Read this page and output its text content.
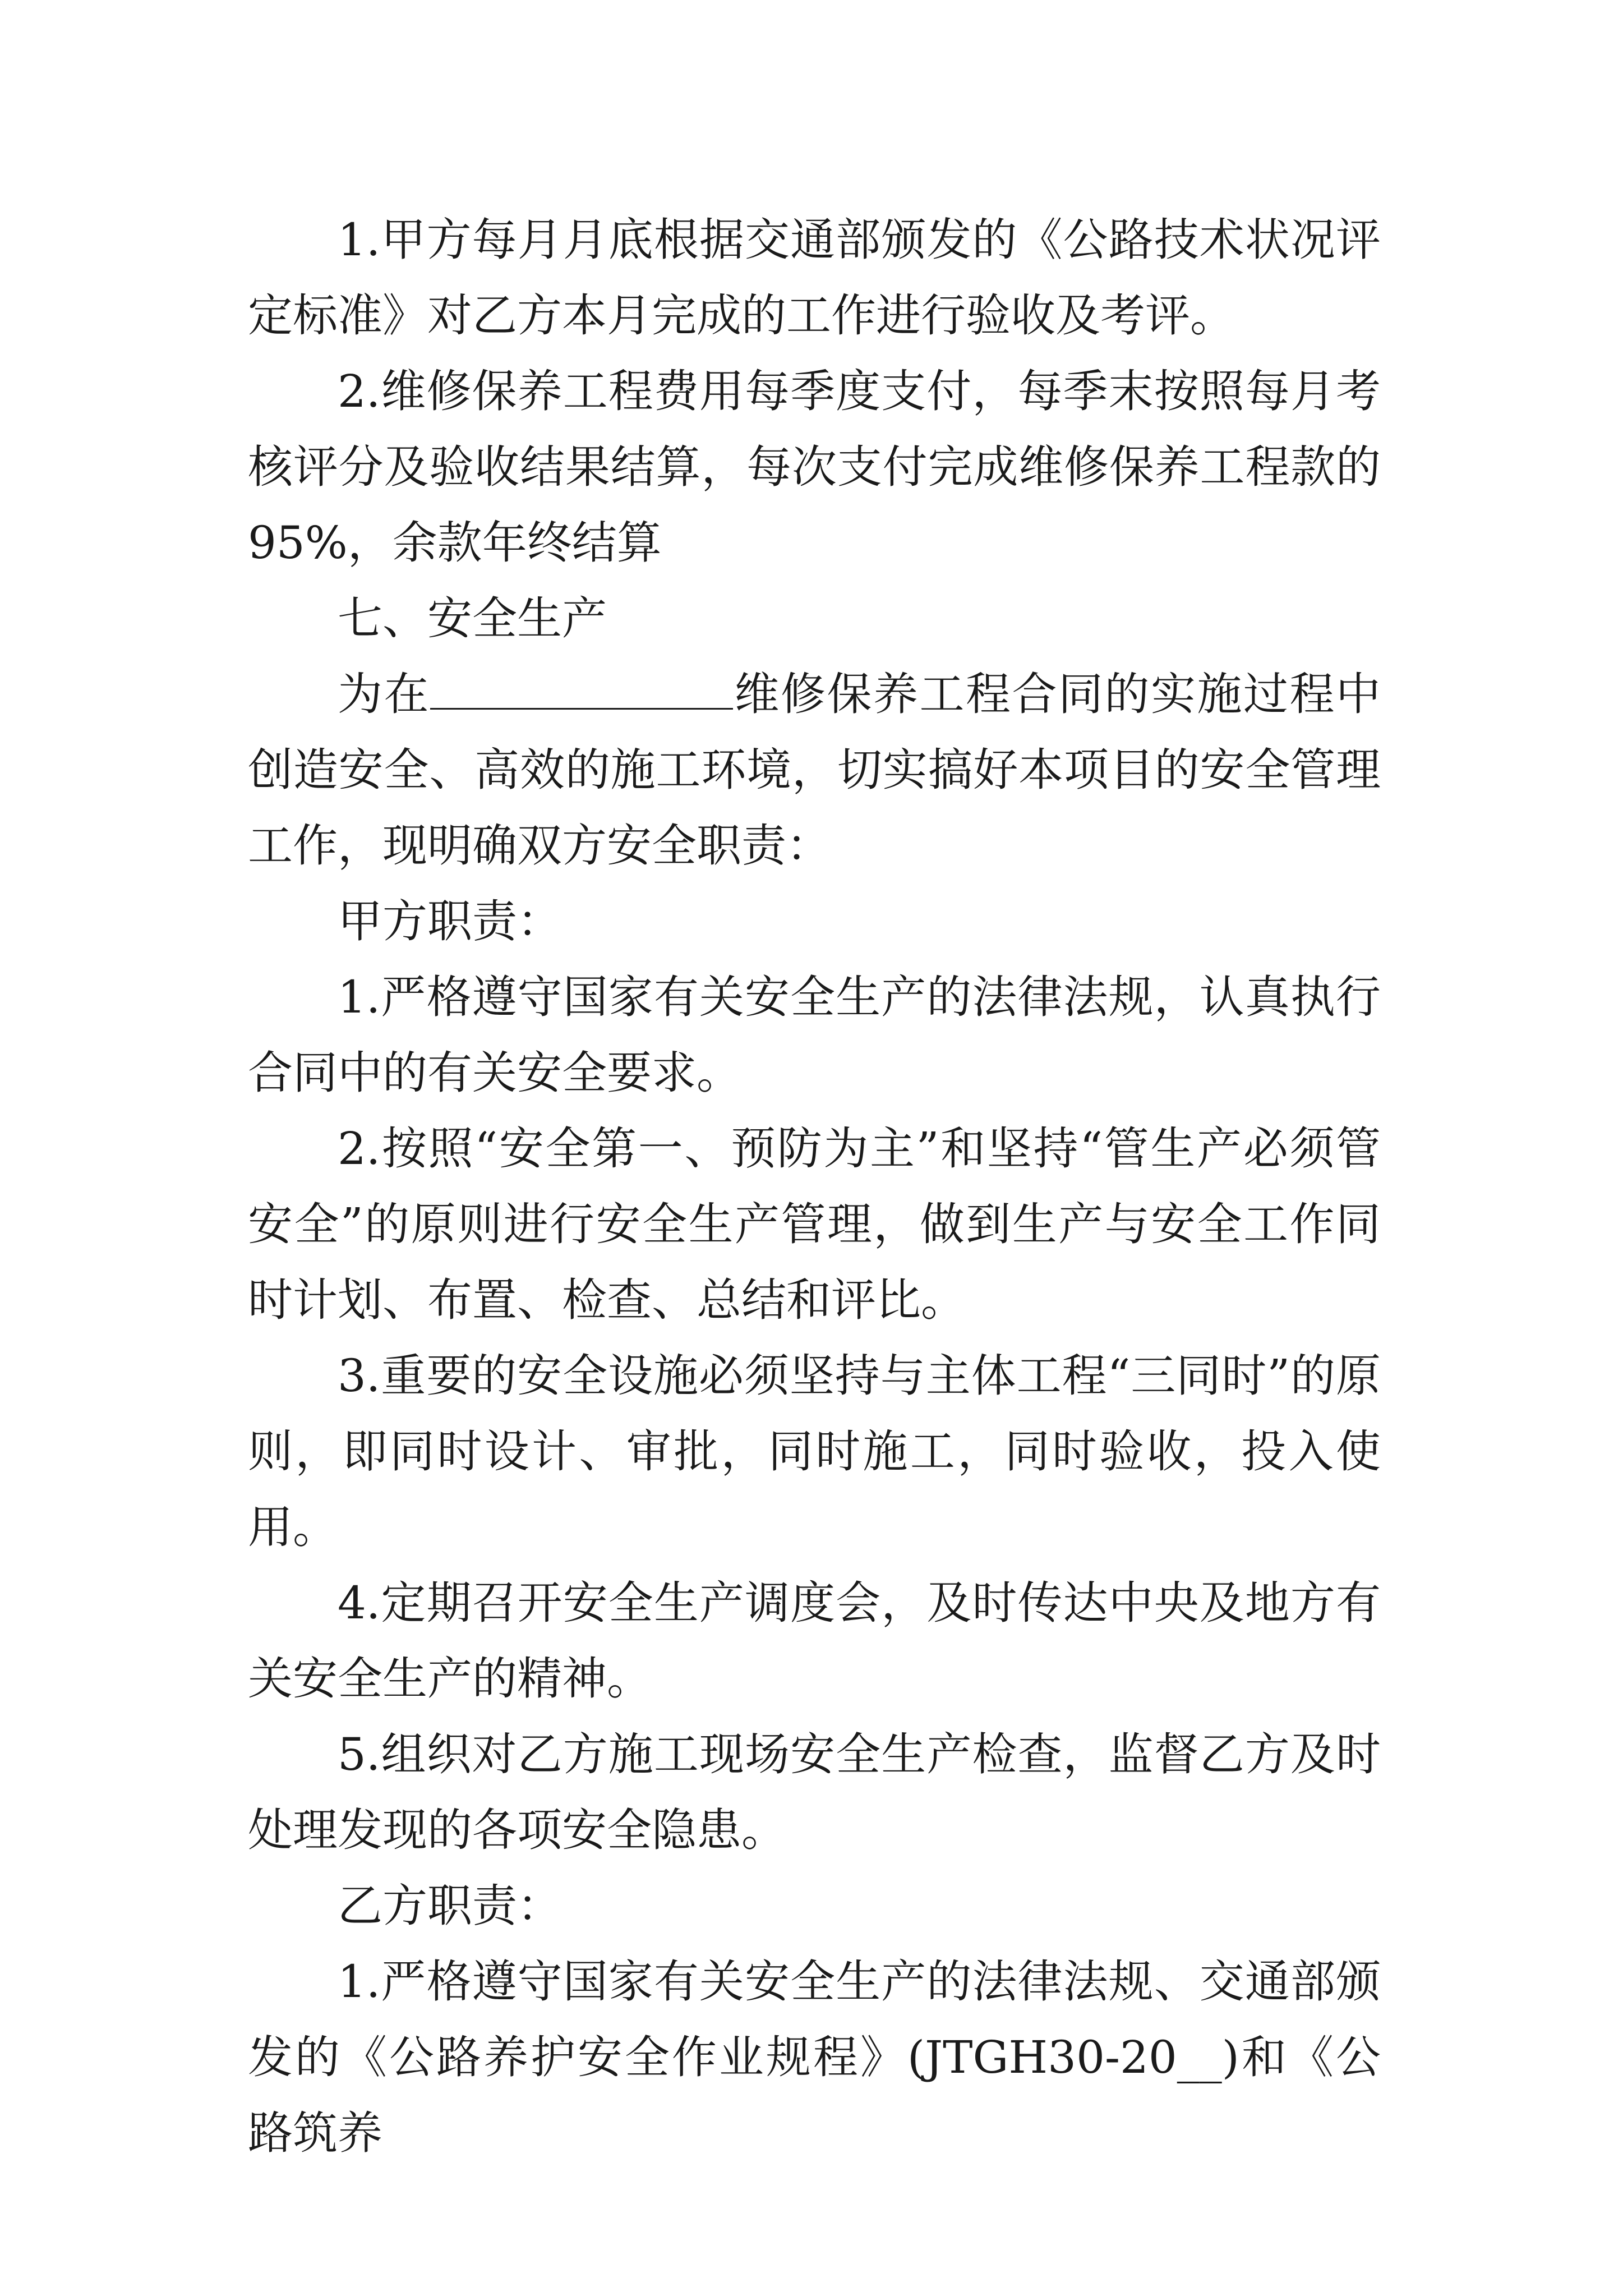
1.甲方每月月底根据交通部颁发的《公路技术状况评定标准》对乙方本月完成的工作进行验收及考评。

2.维修保养工程费用每季度支付，每季末按照每月考核评分及验收结果结算，每次支付完成维修保养工程款的95%，余款年终结算

七、安全生产

为在	维修保养工程合同的实施过程中创造安全、高效的施工环境，切实搞好本项目的安全管理工作，现明确双方安全职责：

甲方职责：

1.严格遵守国家有关安全生产的法律法规，认真执行合同中的有关安全要求。

2.按照“安全第一、预防为主”和坚持“管生产必须管安全”的原则进行安全生产管理，做到生产与安全工作同时计划、布置、检查、总结和评比。

3.重要的安全设施必须坚持与主体工程“三同时”的原则，即同时设计、审批，同时施工，同时验收，投入使用。

4.定期召开安全生产调度会，及时传达中央及地方有关安全生产的精神。

5.组织对乙方施工现场安全生产检查，监督乙方及时处理发现的各项安全隐患。

乙方职责：

1.严格遵守国家有关安全生产的法律法规、交通部颁发的《公路养护安全作业规程》(JTGH30-20__)和《公路筑养
